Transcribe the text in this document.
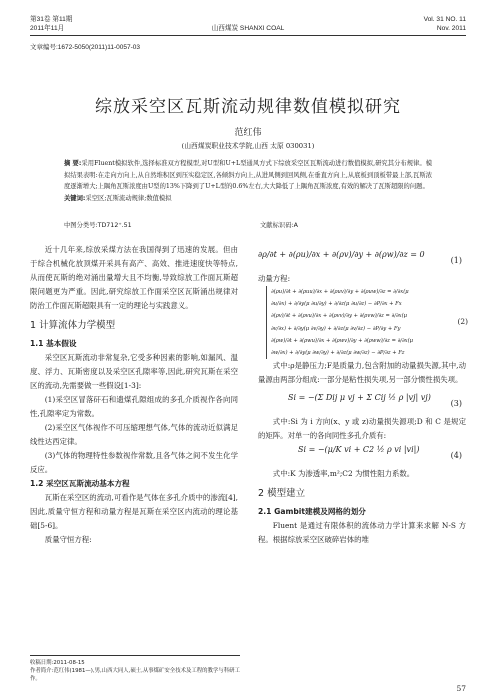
第31卷 第11期
2011年11月	山西煤炭 SHANXI COAL
Vol. 31 NO. 11
Nov. 2011
文章编号:1672-5050(2011)11-0057-03
综放采空区瓦斯流动规律数值模拟研究
范红伟
(山西煤炭职业技术学院,山西 太原 030031)
摘 要:采用Fluent模拟软件,选择标准双方程模型,对U型和U+L型通风方式下综放采空区瓦斯流动进行数值模拟,研究其分布规律。模拟结果表明:在走向方向上,从自然堆积区到压实稳定区,各倾斜方向上,从进风侧到回风侧,在垂直方向上,从底板到顶板带最上部,瓦斯浓度逐渐增大;上隅角瓦斯浓度由U型的13%下降到了U+L型的0.6%左右,大大降低了上隅角瓦斯浓度,有效的解决了瓦斯超限的问题。
关键词:采空区;瓦斯流动规律;数值模拟
中图分类号:TD712⁺.51	文献标识码:A

近十几年来,综放采煤方法在我国得到了迅速的发展。但由于综合机械化放顶煤开采具有高产、高效、推进速度快等特点,从而使瓦斯的绝对涌出量增大且不均衡,导致综放工作面瓦斯超限问题更为严重。因此,研究综放工作面采空区瓦斯涌出规律对防治工作面瓦斯超限具有一定的理论与实践意义。

1 计算流体力学模型
1.1 基本假设

采空区瓦斯流动非常复杂,它受多种因素的影响,如漏风、温度、浮力、瓦斯密度以及采空区孔隙率等,因此,研究瓦斯在采空区的流动,先需要做一些假设[1-3]:

(1)采空区冒落矸石和遗煤孔隙组成的多孔介质视作各向同性,孔隙率定为常数。

(2)采空区气体视作不可压缩理想气体,气体的流动近似满足线性达西定律。

(3)气体的物理特性参数视作常数,且各气体之间不发生化学反应。

1.2 采空区瓦斯流动基本方程

瓦斯在采空区的流动,可看作是气体在多孔介质中的渗流[4],因此,质量守恒方程和动量方程是瓦斯在采空区内流动的理论基础[5-6]。

质量守恒方程:

∂ρ/∂t + ∂(ρu)/∂x + ∂(ρv)/∂y + ∂(ρw)/∂z = 0
(1)
动量方程:
∂(ρu)/∂t + ∂(ρuu)/∂x + ∂(ρuv)/∂y + ∂(ρuw)/∂z = ∂/∂x(μ
∂u/∂x) + ∂/∂y(μ ∂u/∂y) + ∂/∂z(μ ∂u/∂z) − ∂P/∂x + Fx
∂(ρv)/∂t + ∂(ρvu)/∂x + ∂(ρvv)/∂y + ∂(ρvw)/∂z = ∂/∂x(μ
∂v/∂x) + ∂/∂y(μ ∂v/∂y) + ∂/∂z(μ ∂v/∂z) − ∂P/∂y + Fy
∂(ρw)/∂t + ∂(ρwu)/∂x + ∂(ρwv)/∂y + ∂(ρww)/∂z = ∂/∂x(μ
∂w/∂x) + ∂/∂y(μ ∂w/∂y) + ∂/∂z(μ ∂w/∂z) − ∂P/∂z + Fz
(2)

式中:ρ是静压力;F是质量力,包含附加的动量损失源,其中,动量源由两部分组成:一部分是粘性损失项,另一部分惯性损失项。

Si = −(Σ Dij μ vj + Σ Cij ½ ρ |vj| vj)
(3)

式中:Si 为 i 方向(x、y 或 z)动量损失源项;D 和 C 是规定的矩阵。对单一的各向同性多孔介质有:

Si = −(μ/K vi + C2 ½ ρ vi |vi|)
(4)

式中:K 为渗透率,m²;C2 为惯性阻力系数。

2 模型建立
2.1 Gambit建模及网格的划分

Fluent 是通过有限体积的流体动力学计算来求解 N-S 方程。根据综放采空区破碎岩体的堆

收稿日期:2011-08-15
作者简介:范红伟(1981—),男,山西大同人,硕士,从事煤矿安全技术及工程的教学与科研工作。
57
